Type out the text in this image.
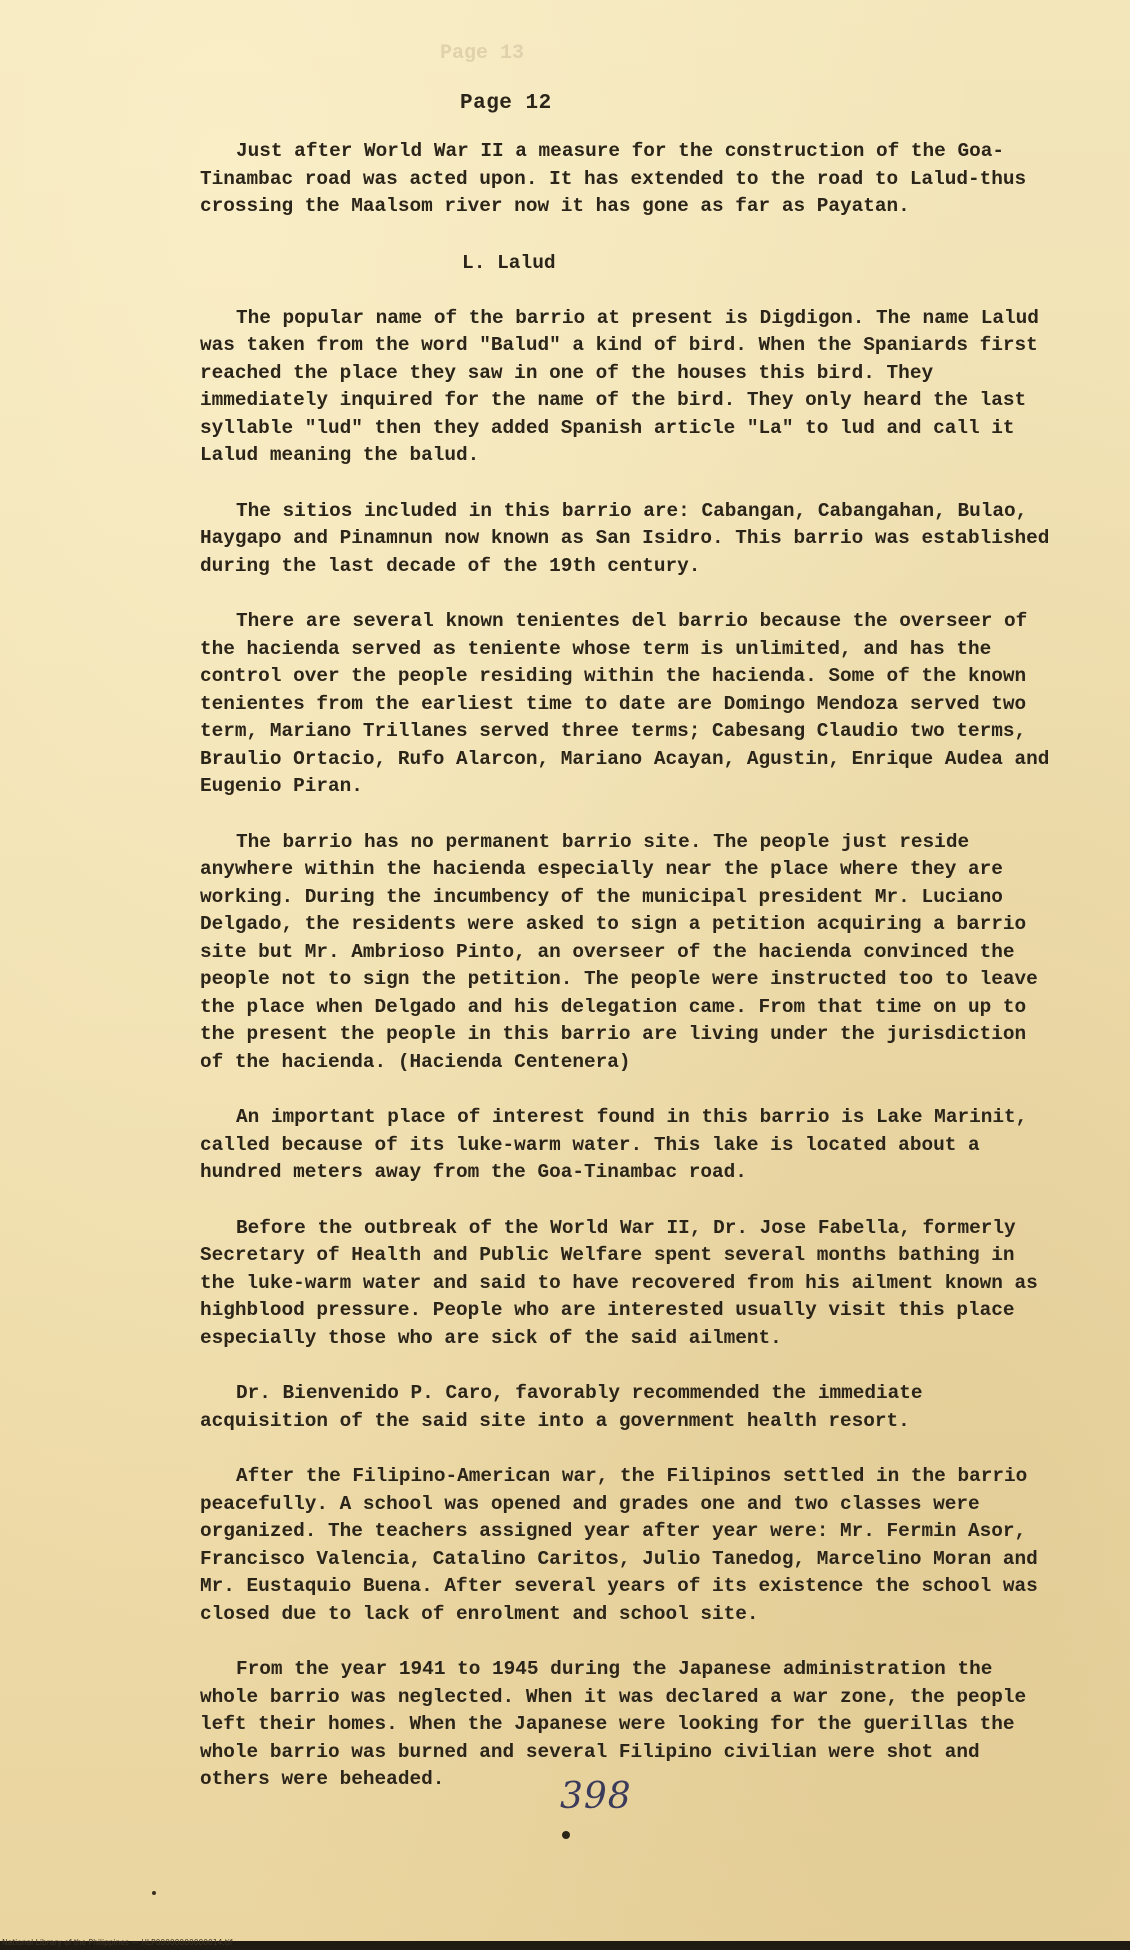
Page 13
Page 12

Just after World War II a measure for the construction of the Goa-Tinambac road was acted upon. It has extended to the road to Lalud-thus crossing the Maalsom river now it has gone as far as Payatan.

L. Lalud

The popular name of the barrio at present is Digdigon. The name Lalud was taken from the word "Balud" a kind of bird. When the Spaniards first reached the place they saw in one of the houses this bird. They immediately inquired for the name of the bird. They only heard the last syllable "lud" then they added Spanish article "La" to lud and call it Lalud meaning the balud.

The sitios included in this barrio are: Cabangan, Cabangahan, Bulao, Haygapo and Pinamnun now known as San Isidro. This barrio was established during the last decade of the 19th century.

There are several known tenientes del barrio because the overseer of the hacienda served as teniente whose term is unlimited, and has the control over the people residing within the hacienda. Some of the known tenientes from the earliest time to date are Domingo Mendoza served two term, Mariano Trillanes served three terms; Cabesang Claudio two terms, Braulio Ortacio, Rufo Alarcon, Mariano Acayan, Agustin, Enrique Audea and Eugenio Piran.

The barrio has no permanent barrio site. The people just reside anywhere within the hacienda especially near the place where they are working. During the incumbency of the municipal president Mr. Luciano Delgado, the residents were asked to sign a petition acquiring a barrio site but Mr. Ambrioso Pinto, an overseer of the hacienda convinced the people not to sign the petition. The people were instructed too to leave the place when Delgado and his delegation came. From that time on up to the present the people in this barrio are living under the jurisdiction of the hacienda. (Hacienda Centenera)

An important place of interest found in this barrio is Lake Marinit, called because of its luke-warm water. This lake is located about a hundred meters away from the Goa-Tinambac road.

Before the outbreak of the World War II, Dr. Jose Fabella, formerly Secretary of Health and Public Welfare spent several months bathing in the luke-warm water and said to have recovered from his ailment known as highblood pressure. People who are interested usually visit this place especially those who are sick of the said ailment.

Dr. Bienvenido P. Caro, favorably recommended the immediate acquisition of the said site into a government health resort.

After the Filipino-American war, the Filipinos settled in the barrio peacefully. A school was opened and grades one and two classes were organized. The teachers assigned year after year were: Mr. Fermin Asor, Francisco Valencia, Catalino Caritos, Julio Tanedog, Marcelino Moran and Mr. Eustaquio Buena. After several years of its existence the school was closed due to lack of enrolment and school site.

From the year 1941 to 1945 during the Japanese administration the whole barrio was neglected. When it was declared a war zone, the people left their homes. When the Japanese were looking for the guerillas the whole barrio was burned and several Filipino civilian were shot and others were beheaded.	398
National Library of the Philippines — HLP00000000000014.tif
